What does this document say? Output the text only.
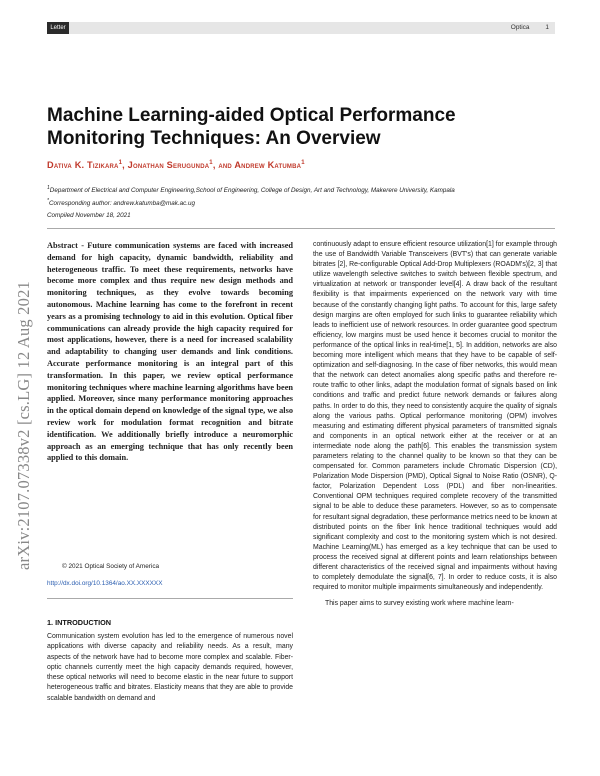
Letter	Optica 1
arXiv:2107.07338v2 [cs.LG] 12 Aug 2021
Machine Learning-aided Optical Performance Monitoring Techniques: An Overview
Dativa K. Tizikara$^1$, Jonathan Serugunda$^1$, and Andrew Katumba$^1$
$^1$Department of Electrical and Computer Engineering,School of Engineering, College of Design, Art and Technology, Makerere University, Kampala
*Corresponding author: andrew.katumba@mak.ac.ug
Compiled November 18, 2021

Abstract - Future communication systems are faced with increased demand for high capacity, dynamic bandwidth, reliability and heterogeneous traffic. To meet these requirements, networks have become more complex and thus require new design methods and monitoring techniques, as they evolve towards becoming autonomous. Machine learning has come to the forefront in recent years as a promising technology to aid in this evolution. Optical fiber communications can already provide the high capacity required for most applications, however, there is a need for increased scalability and adaptability to changing user demands and link conditions. Accurate performance monitoring is an integral part of this transformation. In this paper, we review optical performance monitoring techniques where machine learning algorithms have been applied. Moreover, since many performance monitoring approaches in the optical domain depend on knowledge of the signal type, we also review work for modulation format recognition and bitrate identification. We additionally briefly introduce a neuromorphic approach as an emerging technique that has only recently been applied to this domain.

© 2021 Optical Society of America
http://dx.doi.org/10.1364/ao.XX.XXXXXX
1. INTRODUCTION

Communication system evolution has led to the emergence of numerous novel applications with diverse capacity and reliability needs. As a result, many aspects of the network have had to become more complex and scalable. Fiber-optic channels currently meet the high capacity demands required, however, these optical networks will need to become elastic in the near future to support heterogeneous traffic and bitrates. Elasticity means that they are able to provide scalable bandwidth on demand and

continuously adapt to ensure efficient resource utilization[1] for example through the use of Bandwidth Variable Transceivers (BVT's) that can generate variable bitrates [2], Re-configurable Optical Add-Drop Multiplexers (ROADM's)[2, 3] that utilize wavelength selective switches to switch between flexible spectrum, and virtualization at network or transponder level[4]. A draw back of the resultant flexibility is that impairments experienced on the network vary with time because of the constantly changing light paths. To account for this, large safety design margins are often employed for such links to guarantee reliability which leads to inefficient use of network resources. In order guarantee good spectrum efficiency, low margins must be used hence it becomes crucial to monitor the performance of the optical links in real-time[1, 5]. In addition, networks are also becoming more intelligent which means that they have to be capable of self-optimization and self-diagnosing. In the case of fiber networks, this would mean that the network can detect anomalies along specific paths and therefore re-route traffic to other links, adapt the modulation format of signals based on link conditions and traffic and predict future network demands or failures along paths. In order to do this, they need to consistently acquire the quality of signals along the various paths. Optical performance monitoring (OPM) involves measuring and estimating different physical parameters of transmitted signals and components in an optical network either at the receiver or at an intermediate node along the path[6]. This enables the transmission system parameters relating to the channel quality to be known so that they can be compensated for. Common parameters include Chromatic Dispersion (CD), Polarization Mode Dispersion (PMD), Optical Signal to Noise Ratio (OSNR), Q-factor, Polarization Dependent Loss (PDL) and fiber non-linearities. Conventional OPM techniques required complete recovery of the transmitted signal to be able to deduce these parameters. However, so as to compensate for resultant signal degradation, these performance metrics need to be known at distributed points on the fiber link hence traditional techniques would add significant complexity and cost to the monitoring system which is not desired. Machine Learning(ML) has emerged as a key technique that can be used to process the received signal at different points and learn relationships between different characteristics of the received signal and impairments without having to completely demodulate the signal[6, 7]. In order to reduce costs, it is also required to monitor multiple impairments simultaneously and independently.

This paper aims to survey existing work where machine learn-
